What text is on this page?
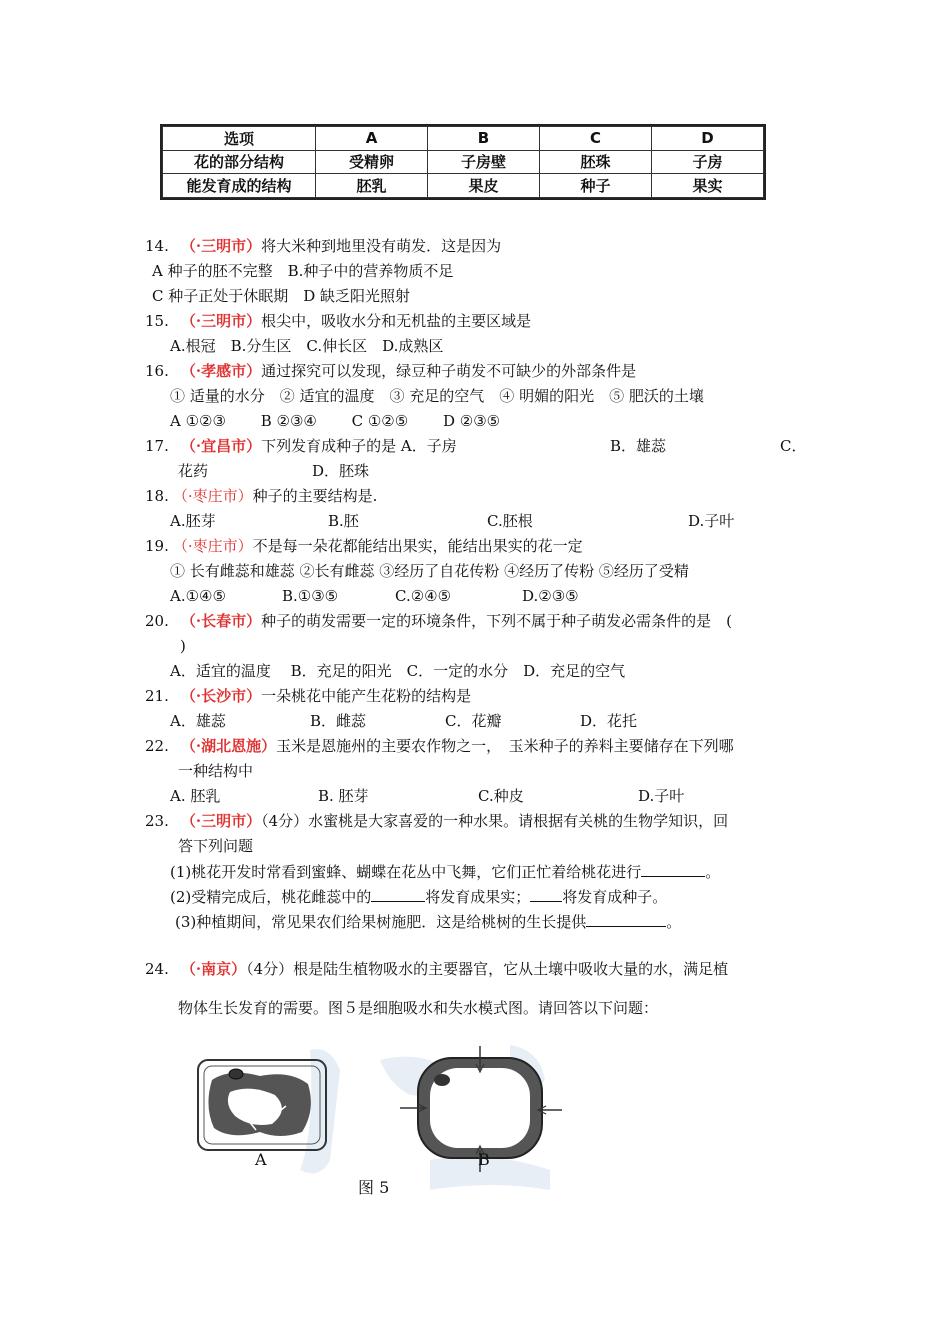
选项	A	B	C	D
花的部分结构	受精卵	子房壁	胚珠	子房
能发育成的结构	胚乳	果皮	种子	果实
14. （·三明市）将大米种到地里没有萌发．这是因为
A 种子的胚不完整　B.种子中的营养物质不足
C 种子正处于休眠期　D 缺乏阳光照射
15. （·三明市）根尖中，吸收水分和无机盐的主要区域是
A.根冠　B.分生区　C.伸长区　D.成熟区
16. （·孝感市）通过探究可以发现，绿豆种子萌发不可缺少的外部条件是
① 适量的水分　② 适宜的温度　③ 充足的空气　④ 明媚的阳光　⑤ 肥沃的土壤
A ①②③　　 B ②③④　　 C ①②⑤　　 D ②③⑤
17. （·宜昌市）下列发育成种子的是 A．子房	B．雄蕊	C．
花药	D．胚珠
18. （·枣庄市）种子的主要结构是.
A.胚芽	B.胚	C.胚根	D.子叶
19. （·枣庄市）不是每一朵花都能结出果实，能结出果实的花一定
① 长有雌蕊和雄蕊 ②长有雌蕊 ③经历了自花传粉 ④经历了传粉 ⑤经历了受精
A.①④⑤	B.①③⑤	C.②④⑤	D.②③⑤
20. （·长春市）种子的萌发需要一定的环境条件，下列不属于种子萌发必需条件的是　(
)
A．适宜的温度　 B．充足的阳光　C．一定的水分　D．充足的空气
21. （·长沙市）一朵桃花中能产生花粉的结构是
A．雄蕊	B．雌蕊	C．花瓣	D．花托
22. （·湖北恩施）玉米是恩施州的主要农作物之一，　玉米种子的养料主要储存在下列哪
一种结构中
A. 胚乳	B. 胚芽	C.种皮	D.子叶
23. （·三明市）（4分）水蜜桃是大家喜爱的一种水果。请根据有关桃的生物学知识，回
答下列问题
(1)桃花开发时常看到蜜蜂、蝴蝶在花丛中飞舞，它们正忙着给桃花进行	。
(2)受精完成后，桃花雌蕊中的	将发育成果实； 将发育成种子。
(3)种植期间，常见果农们给果树施肥．这是给桃树的生长提供	。
24. （·南京）（4分）根是陆生植物吸水的主要器官，它从土壤中吸收大量的水，满足植
物体生长发育的需要。图５是细胞吸水和失水模式图。请回答以下问题：
A	B
图 5
